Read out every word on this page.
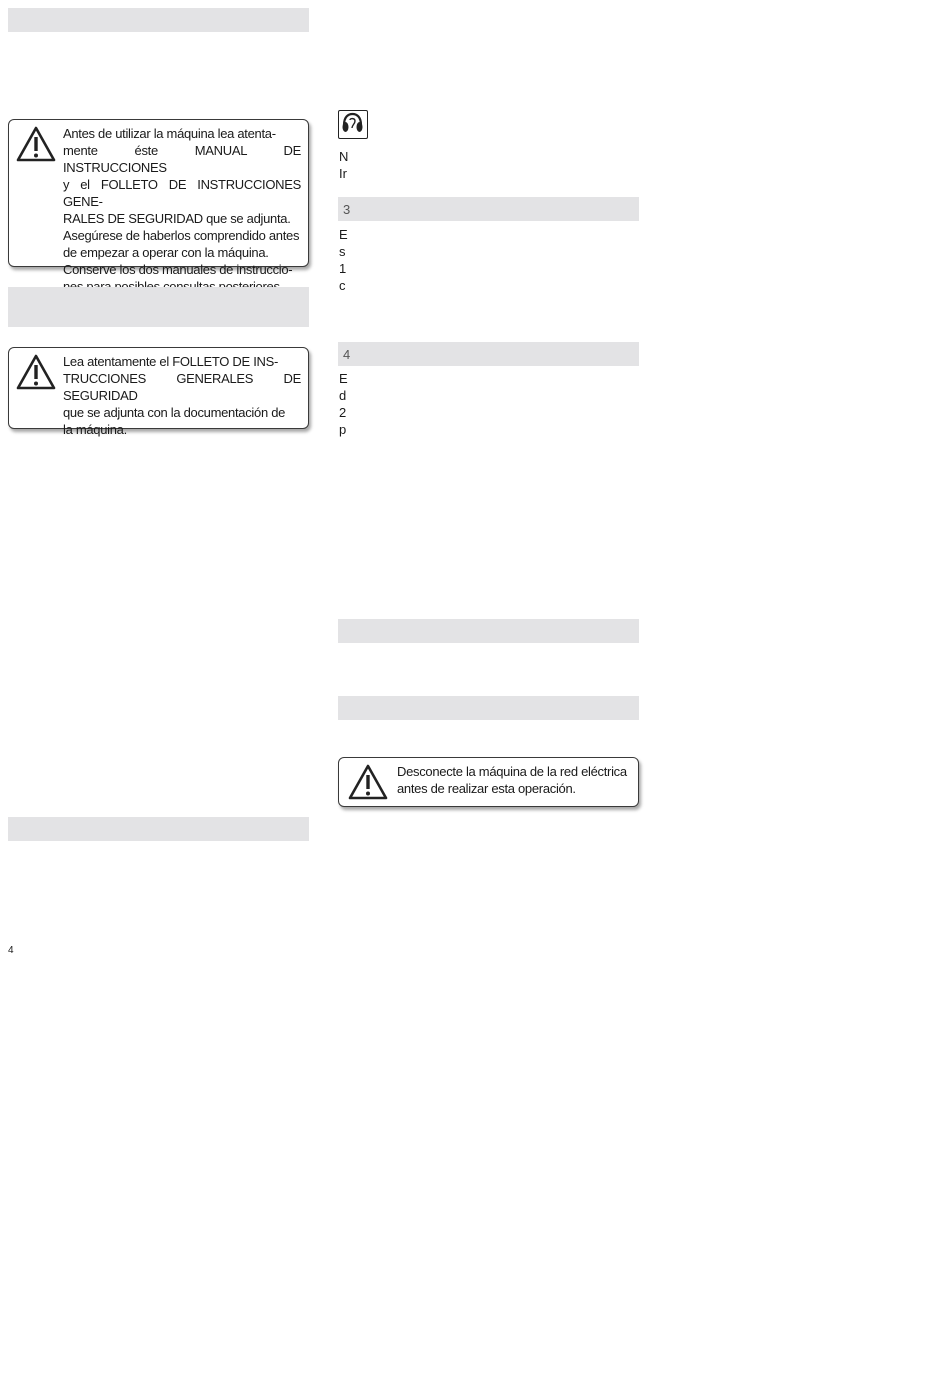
Antes de utilizar la máquina lea atenta-
mente éste MANUAL DE INSTRUCCIONES
y el FOLLETO DE INSTRUCCIONES GENE-
RALES DE SEGURIDAD que se adjunta.
Asegúrese de haberlos comprendido antes
de empezar a operar con la máquina.
Conserve los dos manuales de instruccio-

Lea atentamente el FOLLETO DE INS-
TRUCCIONES GENERALES DE SEGURIDAD
que se adjunta con la documentación de
la máquina.
4
N
Ir
3
E
s
1
c
4
E
d
2
p
Desconecte la máquina de la red eléctrica
antes de realizar esta operación.
